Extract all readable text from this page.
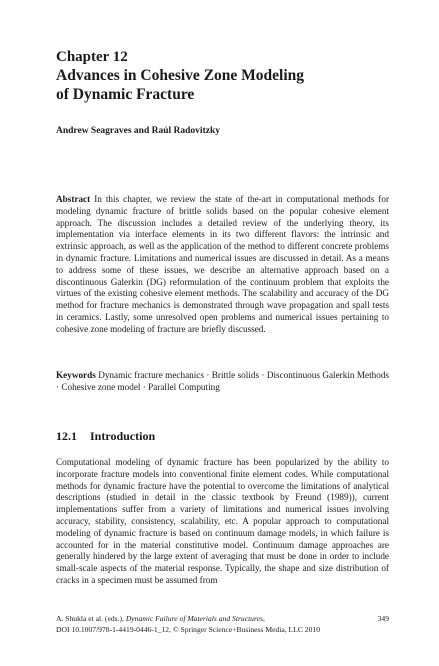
Chapter 12
Advances in Cohesive Zone Modeling
of Dynamic Fracture
Andrew Seagraves and Raúl Radovitzky
Abstract In this chapter, we review the state of the-art in computational methods for modeling dynamic fracture of brittle solids based on the popular cohesive element approach. The discussion includes a detailed review of the underlying theory, its implementation via interface elements in its two different flavors: the intrinsic and extrinsic approach, as well as the application of the method to different concrete problems in dynamic fracture. Limitations and numerical issues are discussed in detail. As a means to address some of these issues, we describe an alternative approach based on a discontinuous Galerkin (DG) reformulation of the continuum problem that exploits the virtues of the existing cohesive element methods. The scalability and accuracy of the DG method for fracture mechanics is demonstrated through wave propagation and spall tests in ceramics. Lastly, some unresolved open problems and numerical issues pertaining to cohesive zone modeling of fracture are briefly discussed.
Keywords Dynamic fracture mechanics · Brittle solids · Discontinuous Galerkin Methods · Cohesive zone model · Parallel Computing
12.1 Introduction
Computational modeling of dynamic fracture has been popularized by the ability to incorporate fracture models into conventional finite element codes. While computational methods for dynamic fracture have the potential to overcome the limitations of analytical descriptions (studied in detail in the classic textbook by Freund (1989)), current implementations suffer from a variety of limitations and numerical issues involving accuracy, stability, consistency, scalability, etc. A popular approach to computational modeling of dynamic fracture is based on continuum damage models, in which failure is accounted for in the material constitutive model. Continuum damage approaches are generally hindered by the large extent of averaging that must be done in order to include small-scale aspects of the material response. Typically, the shape and size distribution of cracks in a specimen must be assumed from
A. Shukla et al. (eds.), Dynamic Failure of Materials and Structures,
DOI 10.1007/978-1-4419-0446-1_12, © Springer Science+Business Media, LLC 2010
349
